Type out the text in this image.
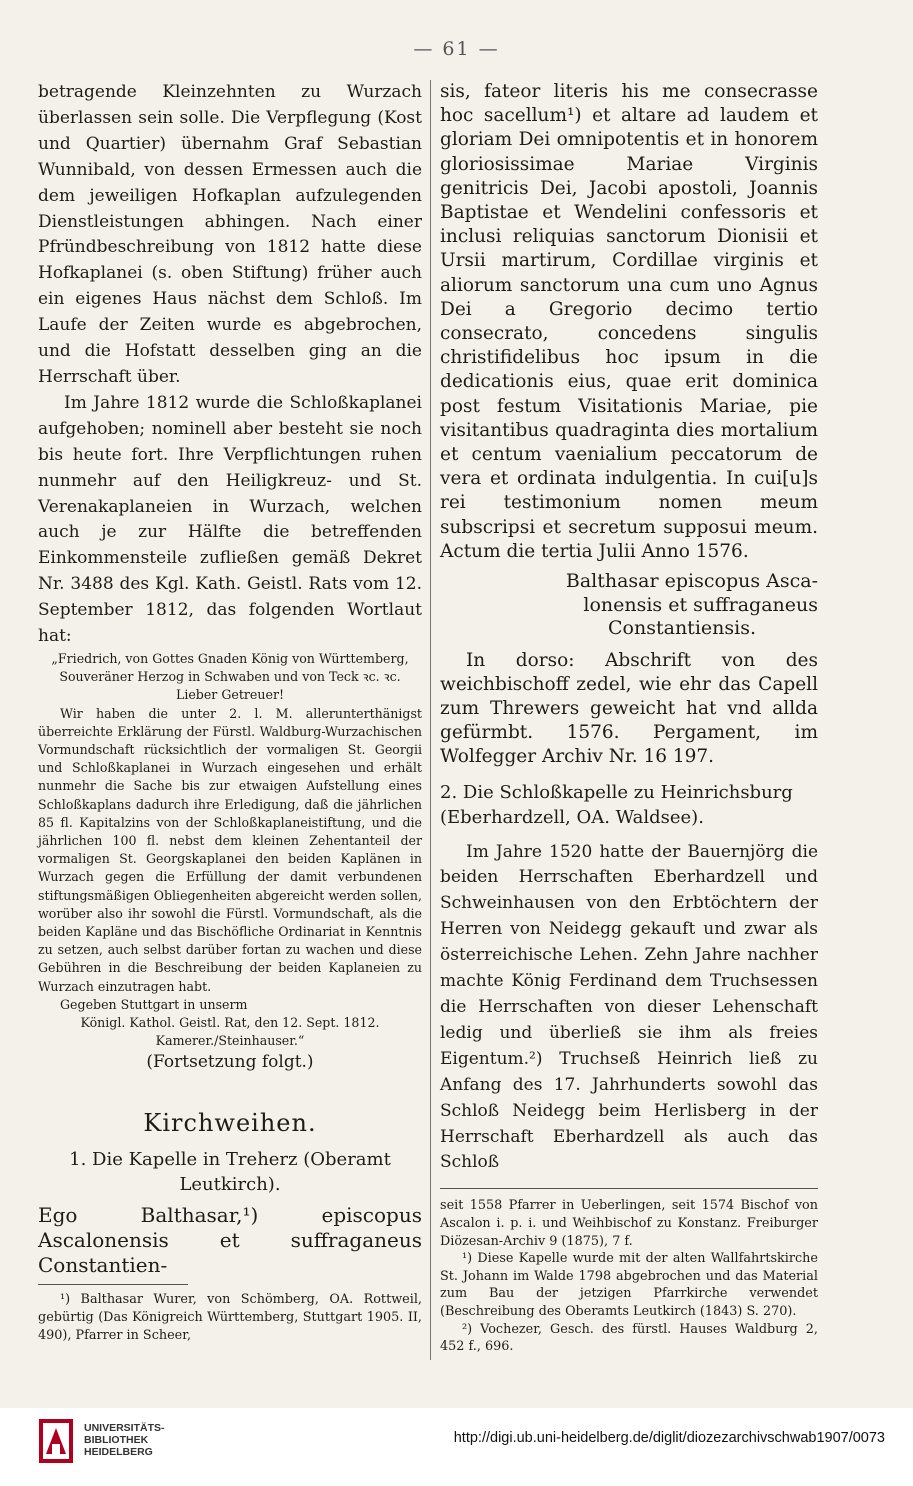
— 61 —

betragende Kleinzehnten zu Wurzach überlassen sein solle. Die Verpflegung (Kost und Quartier) übernahm Graf Sebastian Wunnibald, von dessen Ermessen auch die dem jeweiligen Hofkaplan aufzulegenden Dienstleistungen abhingen. Nach einer Pfründbeschreibung von 1812 hatte diese Hofkaplanei (s. oben Stiftung) früher auch ein eigenes Haus nächst dem Schloß. Im Laufe der Zeiten wurde es abgebrochen, und die Hofstatt desselben ging an die Herrschaft über.

Im Jahre 1812 wurde die Schloßkaplanei aufgehoben; nominell aber besteht sie noch bis heute fort. Ihre Verpflichtungen ruhen nunmehr auf den Heiligkreuz- und St. Verenakaplaneien in Wurzach, welchen auch je zur Hälfte die betreffenden Einkommensteile zufließen gemäß Dekret Nr. 3488 des Kgl. Kath. Geistl. Rats vom 12. September 1812, das folgenden Wortlaut hat:

„Friedrich, von Gottes Gnaden König von Württemberg,
Souveräner Herzog in Schwaben und von Teck ꝛc. ꝛc.
Lieber Getreuer!
Wir haben die unter 2. l. M. allerunterthänigst überreichte Erklärung der Fürstl. Waldburg-Wurzachischen Vormundschaft rücksichtlich der vormaligen St. Georgii und Schloßkaplanei in Wurzach eingesehen und erhält nunmehr die Sache bis zur etwaigen Aufstellung eines Schloßkaplans dadurch ihre Erledigung, daß die jährlichen 85 fl. Kapitalzins von der Schloßkaplaneistiftung, und die jährlichen 100 fl. nebst dem kleinen Zehentanteil der vormaligen St. Georgskaplanei den beiden Kaplänen in Wurzach gegen die Erfüllung der damit verbundenen stiftungsmäßigen Obliegenheiten abgereicht werden sollen, worüber also ihr sowohl die Fürstl. Vormundschaft, als die beiden Kapläne und das Bischöfliche Ordinariat in Kenntnis zu setzen, auch selbst darüber fortan zu wachen und diese Gebühren in die Beschreibung der beiden Kaplaneien zu Wurzach einzutragen habt.
Gegeben Stuttgart in unserm
Königl. Kathol. Geistl. Rat, den 12. Sept. 1812.
Kamerer./Steinhauser.“

(Fortsetzung folgt.)

Kirchweihen.

1. Die Kapelle in Treherz (Oberamt Leutkirch).

Ego Balthasar,¹) episcopus Ascalonensis et suffraganeus Constantien-

¹) Balthasar Wurer, von Schömberg, OA. Rottweil, gebürtig (Das Königreich Württemberg, Stuttgart 1905. II, 490), Pfarrer in Scheer,

sis, fateor literis his me consecrasse hoc sacellum¹) et altare ad laudem et gloriam Dei omnipotentis et in honorem gloriosissimae Mariae Virginis genitricis Dei, Jacobi apostoli, Joannis Baptistae et Wendelini confessoris et inclusi reliquias sanctorum Dionisii et Ursii martirum, Cordillae virginis et aliorum sanctorum una cum uno Agnus Dei a Gregorio decimo tertio consecrato, concedens singulis christifidelibus hoc ipsum in die dedicationis eius, quae erit dominica post festum Visitationis Mariae, pie visitantibus quadraginta dies mortalium et centum vaenialium peccatorum de vera et ordinata indulgentia. In cui[u]s rei testimonium nomen meum subscripsi et secretum supposui meum. Actum die tertia Julii Anno 1576.

Balthasar episcopus Asca-

lonensis et suffraganeus

Constantiensis.

In dorso: Abschrift von des weichbischoff zedel, wie ehr das Capell zum Threwers geweicht hat vnd allda gefürmbt. 1576. Pergament, im Wolfegger Archiv Nr. 16 197.

2. Die Schloßkapelle zu Heinrichsburg (Eberhardzell, OA. Waldsee).

Im Jahre 1520 hatte der Bauernjörg die beiden Herrschaften Eberhardzell und Schweinhausen von den Erbtöchtern der Herren von Neidegg gekauft und zwar als österreichische Lehen. Zehn Jahre nachher machte König Ferdinand dem Truchsessen die Herrschaften von dieser Lehenschaft ledig und überließ sie ihm als freies Eigentum.²) Truchseß Heinrich ließ zu Anfang des 17. Jahrhunderts sowohl das Schloß Neidegg beim Herlisberg in der Herrschaft Eberhardzell als auch das Schloß

seit 1558 Pfarrer in Ueberlingen, seit 1574 Bischof von Ascalon i. p. i. und Weihbischof zu Konstanz. Freiburger Diözesan-Archiv 9 (1875), 7 f.

¹) Diese Kapelle wurde mit der alten Wallfahrtskirche St. Johann im Walde 1798 abgebrochen und das Material zum Bau der jetzigen Pfarrkirche verwendet (Beschreibung des Oberamts Leutkirch (1843) S. 270).

²) Vochezer, Gesch. des fürstl. Hauses Waldburg 2, 452 f., 696.

UNIVERSITÄTS-
BIBLIOTHEK
HEIDELBERG
http://digi.ub.uni-heidelberg.de/diglit/diozezarchivschwab1907/0073
